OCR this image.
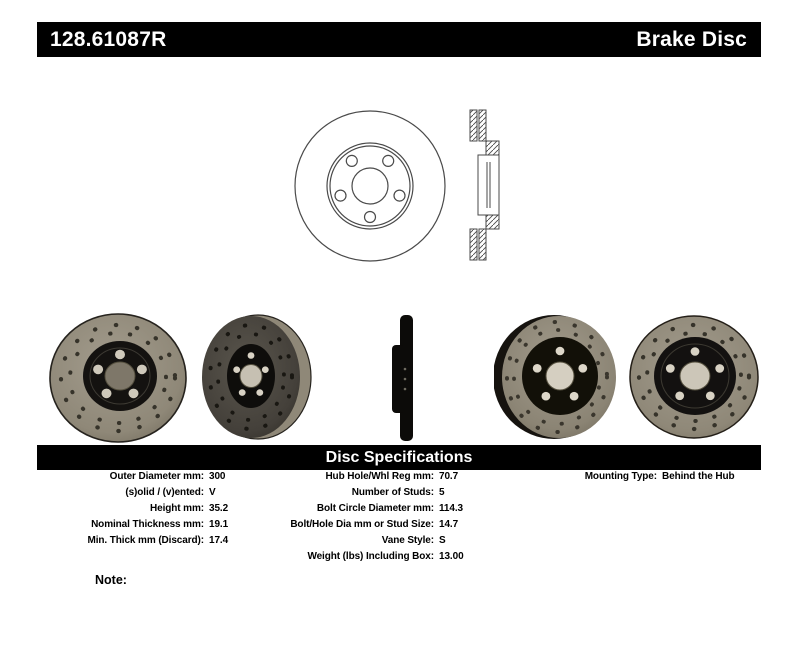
128.61087R	Brake Disc
Disc Specifications
Outer Diameter mm: 300
(s)olid / (v)ented: V
Height mm: 35.2
Nominal Thickness mm: 19.1
Min. Thick mm (Discard): 17.4
Hub Hole/Whl Reg mm: 70.7
Number of Studs: 5
Bolt Circle Diameter mm: 114.3
Bolt/Hole Dia mm or Stud Size: 14.7
Vane Style: S
Weight (lbs) Including Box: 13.00
Mounting Type: Behind the Hub
Note:
